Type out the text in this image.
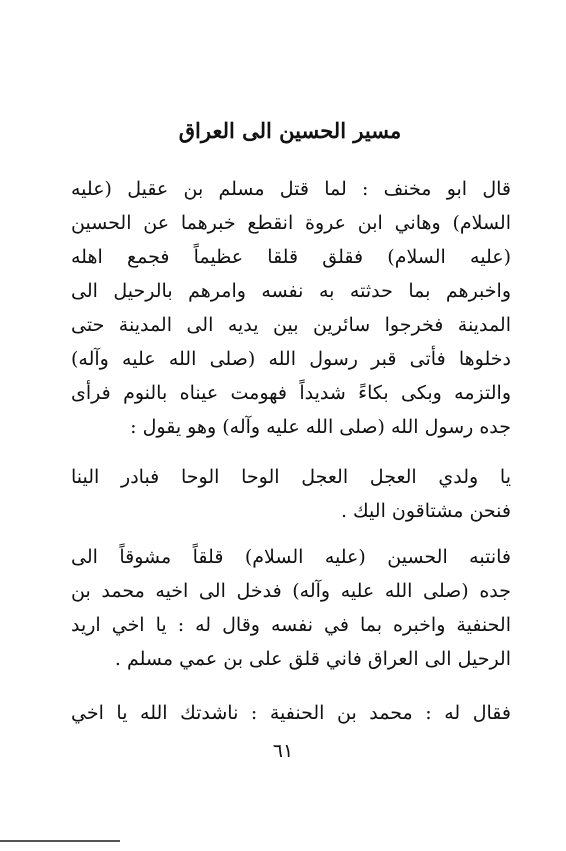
مسير الحسين الى العراق
قال ابو مخنف : لما قتل مسلم بن عقيل (عليه
السلام) وهاني ابن عروة انقطع خبرهما عن الحسين
(عليه السلام) فقلق قلقا عظيماً فجمع اهله
واخبرهم بما حدثته به نفسه وامرهم بالرحيل الى
المدينة فخرجوا سائرين بين يديه الى المدينة حتى
دخلوها فأتى قبر رسول الله (صلى الله عليه وآله)
والتزمه وبكى بكاءً شديداً فهومت عيناه بالنوم فرأى
جده رسول الله (صلى الله عليه وآله) وهو يقول :
يا ولدي العجل العجل الوحا الوحا فبادر الينا
فنحن مشتاقون اليك .
فانتبه الحسين (عليه السلام) قلقاً مشوقاً الى
جده (صلى الله عليه وآله) فدخل الى اخيه محمد بن
الحنفية واخبره بما في نفسه وقال له : يا اخي اريد
الرحيل الى العراق فاني قلق على بن عمي مسلم .
فقال له : محمد بن الحنفية : ناشدتك الله يا اخي
٦١
